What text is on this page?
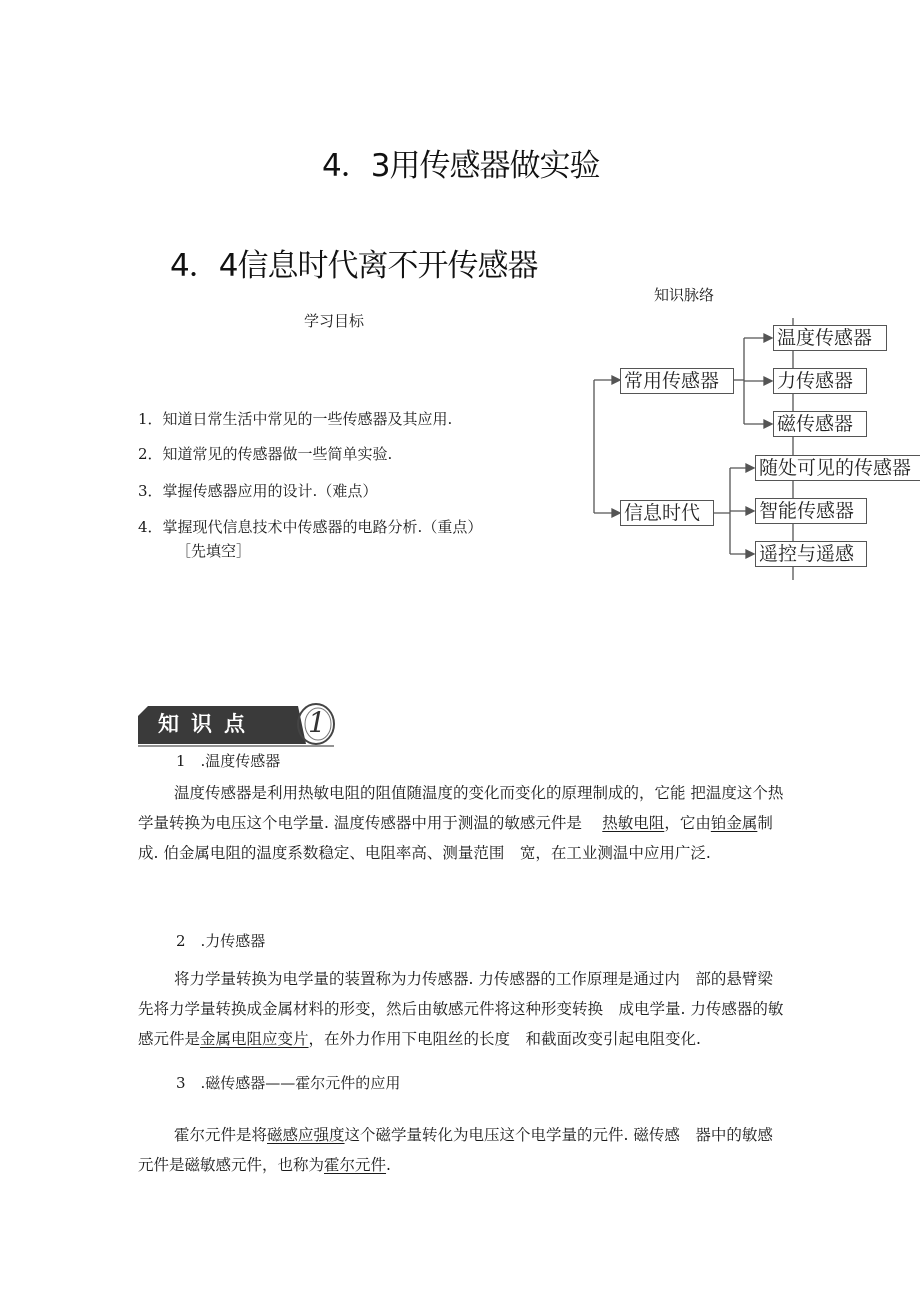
4．3用传感器做实验
4．4信息时代离不开传感器
知识脉络
学习目标
1．知道日常生活中常见的一些传感器及其应用.
2．知道常见的传感器做一些简单实验.
3．掌握传感器应用的设计.（难点）
4．掌握现代信息技术中传感器的电路分析.（重点）
［先填空］
常用传感器
信息时代
温度传感器
力传感器
磁传感器
随处可见的传感器
智能传感器
遥控与遥感
知识点 1
1　.温度传感器

温度传感器是利用热敏电阻的阻值随温度的变化而变化的原理制成的，它能 把温度这个热学量转换为电压这个电学量. 温度传感器中用于测温的敏感元件是 　热敏电阻，它由铂金属制成. 伯金属电阻的温度系数稳定、电阻率高、测量范围　宽，在工业测温中应用广泛.

2　.力传感器

将力学量转换为电学量的装置称为力传感器. 力传感器的工作原理是通过内　部的悬臂梁先将力学量转换成金属材料的形变，然后由敏感元件将这种形变转换　成电学量. 力传感器的敏感元件是金属电阻应变片，在外力作用下电阻丝的长度　和截面改变引起电阻变化.

3　.磁传感器——霍尔元件的应用

霍尔元件是将磁感应强度这个磁学量转化为电压这个电学量的元件. 磁传感　器中的敏感元件是磁敏感元件，也称为霍尔元件.
